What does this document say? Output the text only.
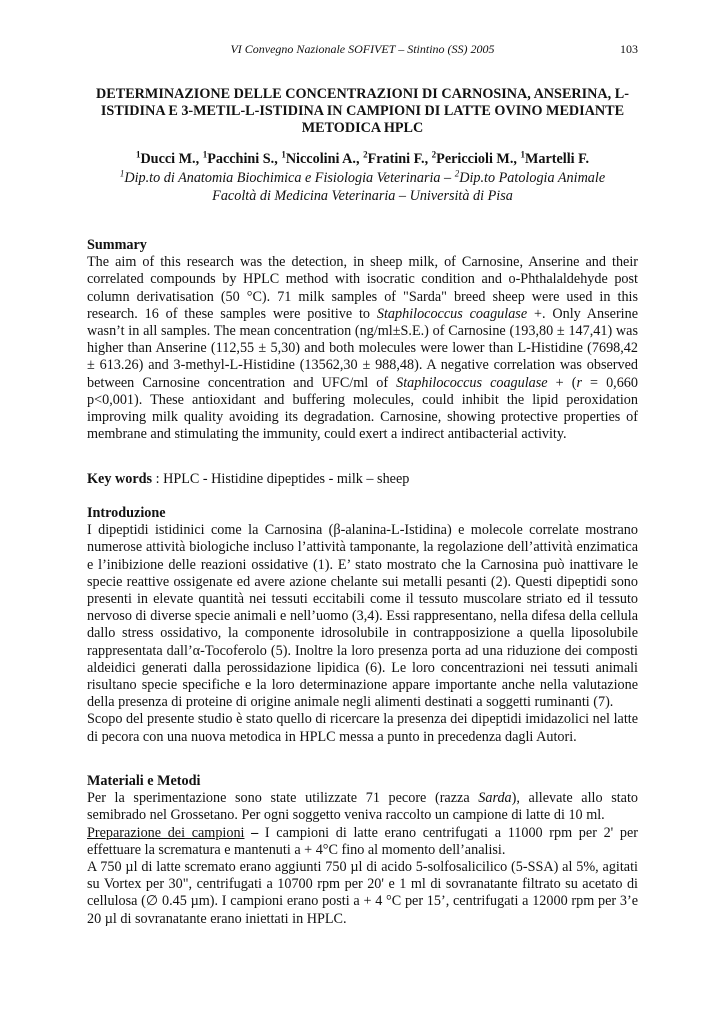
VI Convegno Nazionale SOFIVET – Stintino (SS) 2005	103
DETERMINAZIONE DELLE CONCENTRAZIONI DI CARNOSINA, ANSERINA, L-
ISTIDINA E 3-METIL-L-ISTIDINA IN CAMPIONI DI LATTE OVINO MEDIANTE
METODICA HPLC
$^1$Ducci M., $^1$Pacchini S., $^1$Niccolini A., $^2$Fratini F., $^2$Periccioli M., $^1$Martelli F.
$^1$Dip.to di Anatomia Biochimica e Fisiologia Veterinaria – $^2$Dip.to Patologia Animale
Facoltà di Medicina Veterinaria – Università di Pisa
Summary
The aim of this research was the detection, in sheep milk, of Carnosine, Anserine and their correlated compounds by HPLC method with isocratic condition and o-Phthalaldehyde post column derivatisation (50 °C). 71 milk samples of "Sarda" breed sheep were used in this research. 16 of these samples were positive to Staphilococcus coagulase +. Only Anserine wasn’t in all samples. The mean concentration (ng/ml±S.E.) of Carnosine (193,80 ± 147,41) was higher than Anserine (112,55 ± 5,30) and both molecules were lower than L-Histidine (7698,42 ± 613.26) and 3-methyl-L-Histidine (13562,30 ± 988,48). A negative correlation was observed between Carnosine concentration and UFC/ml of Staphilococcus coagulase + (r = 0,660 p<0,001). These antioxidant and buffering molecules, could inhibit the lipid peroxidation improving milk quality avoiding its degradation. Carnosine, showing protective properties of membrane and stimulating the immunity, could exert a indirect antibacterial activity.
Key words : HPLC - Histidine dipeptides - milk – sheep
Introduzione
I dipeptidi istidinici come la Carnosina (β-alanina-L-Istidina) e molecole correlate mostrano numerose attività biologiche incluso l’attività tamponante, la regolazione dell’attività enzimatica e l’inibizione delle reazioni ossidative (1). E’ stato mostrato che la Carnosina può inattivare le specie reattive ossigenate ed avere azione chelante sui metalli pesanti (2). Questi dipeptidi sono presenti in elevate quantità nei tessuti eccitabili come il tessuto muscolare striato ed il tessuto nervoso di diverse specie animali e nell’uomo (3,4). Essi rappresentano, nella difesa della cellula dallo stress ossidativo, la componente idrosolubile in contrapposizione a quella liposolubile rappresentata dall’α-Tocoferolo (5). Inoltre la loro presenza porta ad una riduzione dei composti aldeidici generati dalla perossidazione lipidica (6). Le loro concentrazioni nei tessuti animali risultano specie specifiche e la loro determinazione appare importante anche nella valutazione della presenza di proteine di origine animale negli alimenti destinati a soggetti ruminanti (7).
Scopo del presente studio è stato quello di ricercare la presenza dei dipeptidi imidazolici nel latte di pecora con una nuova metodica in HPLC messa a punto in precedenza dagli Autori.
Materiali e Metodi
Per la sperimentazione sono state utilizzate 71 pecore (razza Sarda), allevate allo stato semibrado nel Grossetano. Per ogni soggetto veniva raccolto un campione di latte di 10 ml.
Preparazione dei campioni – I campioni di latte erano centrifugati a 11000 rpm per 2' per effettuare la scrematura e mantenuti a + 4°C fino al momento dell’analisi.
A 750 µl di latte scremato erano aggiunti 750 µl di acido 5-solfosalicilico (5-SSA) al 5%, agitati su Vortex per 30", centrifugati a 10700 rpm per 20' e 1 ml di sovranatante filtrato su acetato di cellulosa (∅ 0.45 µm). I campioni erano posti a + 4 °C per 15’, centrifugati a 12000 rpm per 3’e 20 µl di sovranatante erano iniettati in HPLC.
